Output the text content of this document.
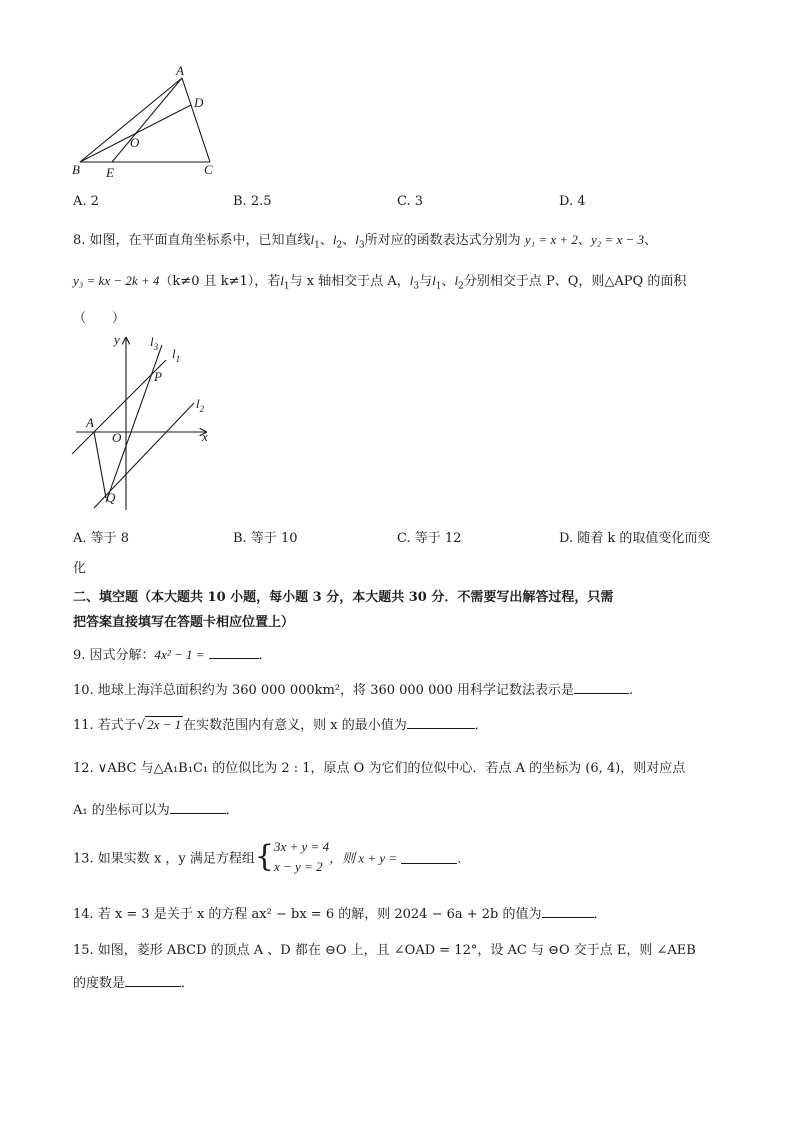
A
D
O
B E	C
A. 2	B. 2.5	C. 3	D. 4
8. 如图，在平面直角坐标系中，已知直线$l_1$、$l_2$、$l_3$所对应的函数表达式分别为 y₁ = x + 2、y₂ = x − 3、
y₃ = kx − 2k + 4（k≠0 且 k≠1），若$l_1$与 x 轴相交于点 A，$l_3$与$l_1$、$l_2$分别相交于点 P、Q，则△APQ 的面积
（　　）
y $l_3$ $l_1$
P
$l_2$
A
O	x
Q
A. 等于 8	B. 等于 10	C. 等于 12	D. 随着 k 的取值变化而变
化
二、填空题（本大题共 10 小题，每小题 3 分，本大题共 30 分．不需要写出解答过程，只需
把答案直接填写在答题卡相应位置上）
9. 因式分解：4x² − 1 =	．
10. 地球上海洋总面积约为 360 000 000km²，将 360 000 000 用科学记数法表示是	.
11. 若式子√ 2x − 1 在实数范围内有意义，则 x 的最小值为	．
12. ∨ABC 与△A₁B₁C₁ 的位似比为 2 : 1，原点 O 为它们的位似中心．若点 A 的坐标为 (6, 4)，则对应点
A₁ 的坐标可以为	．
13. 如果实数 x ，y 满足方程组{ 3x + y = 4
x − y = 2
，则 x + y =	．
14. 若 x = 3 是关于 x 的方程 ax² − bx = 6 的解，则 2024 − 6a + 2b 的值为	．
15. 如图，菱形 ABCD 的顶点 A 、D 都在 ⊖O 上，且 ∠OAD = 12°，设 AC 与 ⊖O 交于点 E，则 ∠AEB
的度数是	．
